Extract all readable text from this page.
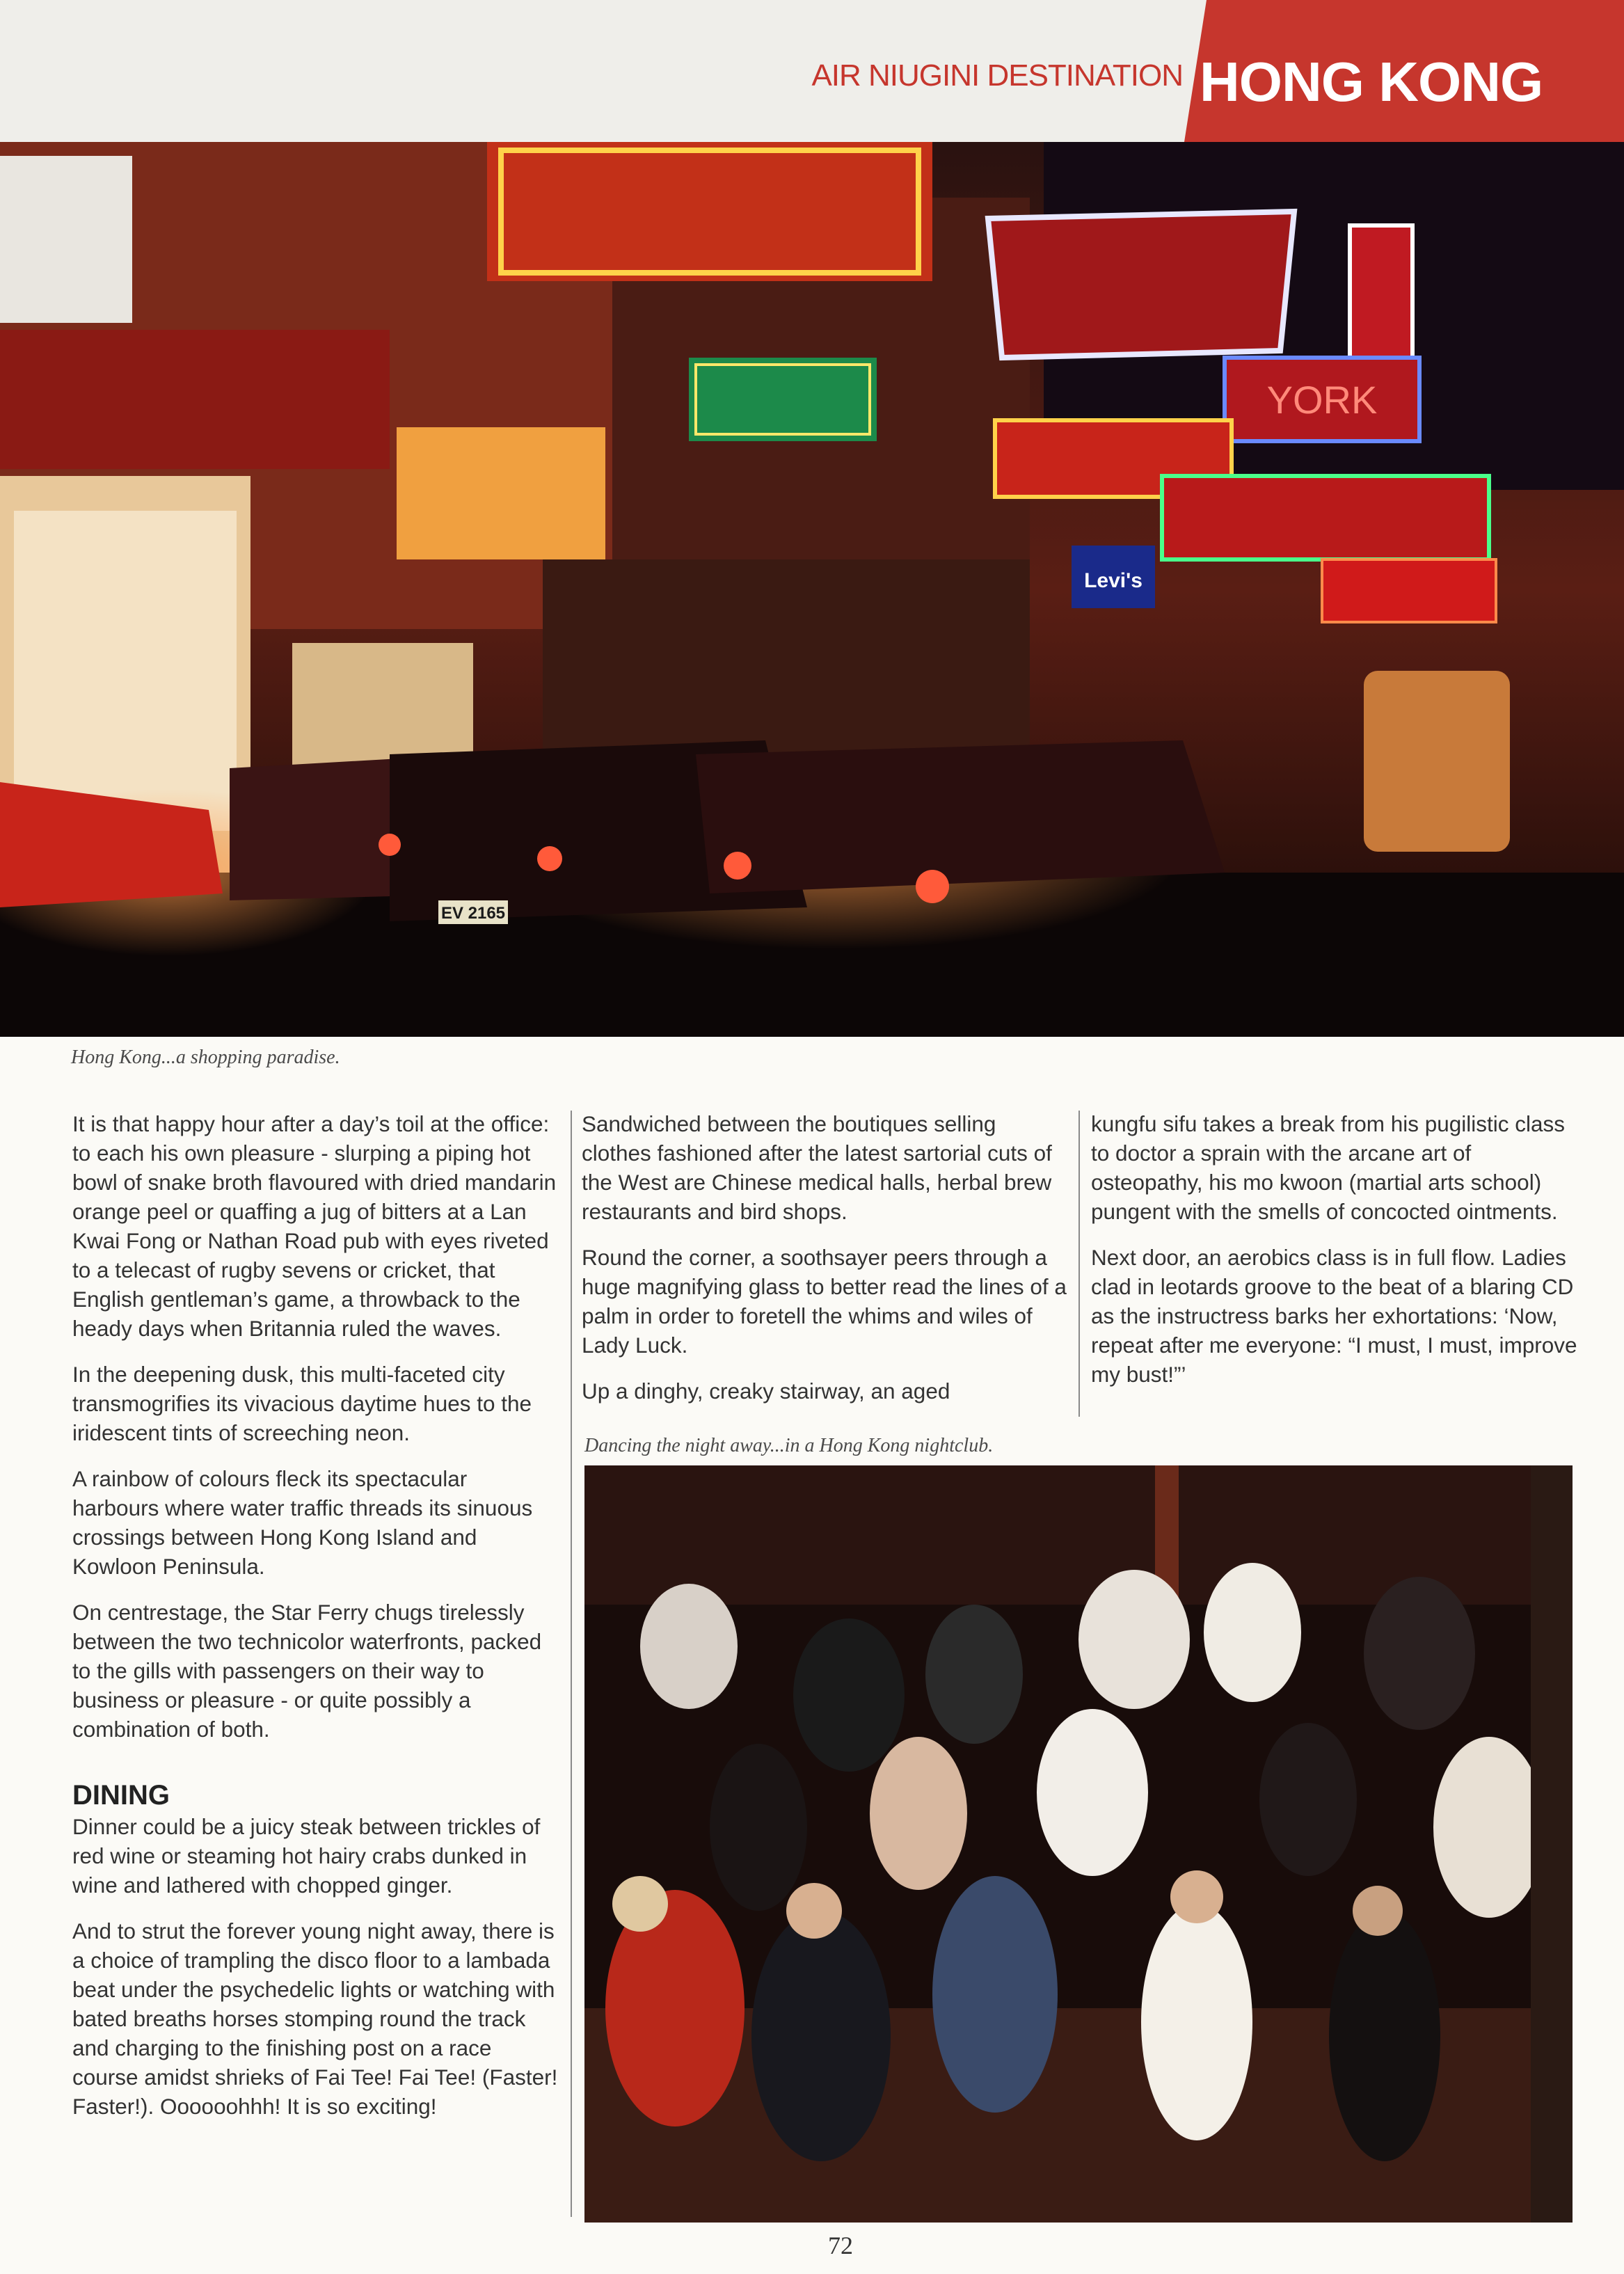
AIR NIUGINI DESTINATION HONG KONG
Levi's
YORK
EV 2165
Hong Kong...a shopping paradise.

It is that happy hour after a day’s toil at the office: to each his own pleasure - slurping a piping hot bowl of snake broth flavoured with dried mandarin orange peel or quaffing a jug of bitters at a Lan Kwai Fong or Nathan Road pub with eyes riveted to a telecast of rugby sevens or cricket, that English gentleman’s game, a throwback to the heady days when Britannia ruled the waves.

In the deepening dusk, this multi-faceted city transmogrifies its vivacious daytime hues to the iridescent tints of screeching neon.

A rainbow of colours fleck its spectacular harbours where water traffic threads its sinuous crossings between Hong Kong Island and Kowloon Peninsula.

On centrestage, the Star Ferry chugs tirelessly between the two technicolor waterfronts, packed to the gills with passengers on their way to business or pleasure - or quite possibly a combination of both.

DINING

Dinner could be a juicy steak between trickles of red wine or steaming hot hairy crabs dunked in wine and lathered with chopped ginger.

And to strut the forever young night away, there is a choice of trampling the disco floor to a lambada beat under the psychedelic lights or watching with bated breaths horses stomping round the track and charging to the finishing post on a race course amidst shrieks of Fai Tee! Fai Tee! (Faster! Faster!). Oooooohhh! It is so exciting!

Sandwiched between the boutiques selling clothes fashioned after the latest sartorial cuts of the West are Chinese medical halls, herbal brew restaurants and bird shops.

Round the corner, a soothsayer peers through a huge magnifying glass to better read the lines of a palm in order to foretell the whims and wiles of Lady Luck.

Up a dinghy, creaky stairway, an aged

kungfu sifu takes a break from his pugilistic class to doctor a sprain with the arcane art of osteopathy, his mo kwoon (martial arts school) pungent with the smells of concocted ointments.

Next door, an aerobics class is in full flow. Ladies clad in leotards groove to the beat of a blaring CD as the instructress barks her exhortations: ‘Now, repeat after me everyone: “I must, I must, improve my bust!”’

Dancing the night away...in a Hong Kong nightclub.
72
